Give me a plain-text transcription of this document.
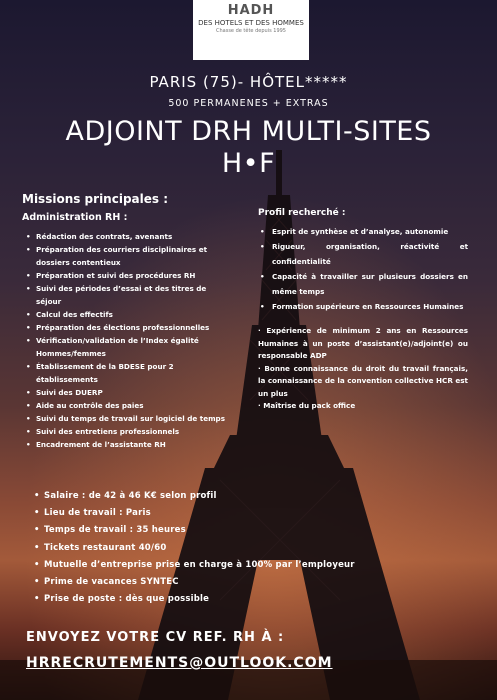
HADH
DES HOTELS ET DES HOMMES
Chasse de tête depuis 1995
PARIS (75)- HÔTEL*****
500 PERMANENES + EXTRAS
ADJOINT DRH MULTI-SITES
H•F
Missions principales :
Administration RH :
• Rédaction des contrats, avenants
• Préparation des courriers disciplinaires et
dossiers contentieux
• Préparation et suivi des procédures RH
• Suivi des périodes d’essai et des titres de
séjour
• Calcul des effectifs
• Préparation des élections professionnelles
• Vérification/validation de l’Index égalité
Hommes/femmes
• Établissement de la BDESE pour 2
établissements
• Suivi des DUERP
• Aide au contrôle des paies
• Suivi du temps de travail sur logiciel de temps
• Suivi des entretiens professionnels
• Encadrement de l’assistante RH
Profil recherché :
• Esprit de synthèse et d’analyse, autonomie
• Rigueur, organisation, réactivité et confidentialité
• Capacité à travailler sur plusieurs dossiers en même temps
• Formation supérieure en Ressources Humaines

· Expérience de minimum 2 ans en Ressources Humaines à un poste d’assistant(e)/adjoint(e) ou responsable ADP

· Bonne connaissance du droit du travail français, la connaissance de la convention collective HCR est un plus

· Maîtrise du pack office

• Salaire : de 42 à 46 K€ selon profil
• Lieu de travail : Paris
• Temps de travail : 35 heures
• Tickets restaurant 40/60
• Mutuelle d’entreprise prise en charge à 100% par l’employeur
• Prime de vacances SYNTEC
• Prise de poste : dès que possible
ENVOYEZ VOTRE CV REF. RH À :
HRRECRUTEMENTS@OUTLOOK.COM
